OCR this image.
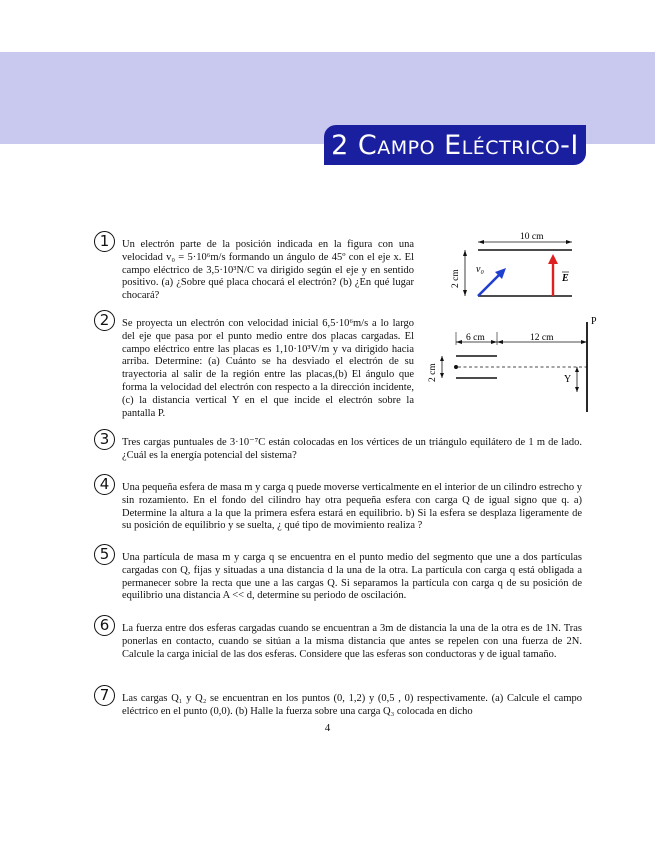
2
Campo Eléctrico-I
1	Un electrón parte de la posición indicada en la figura con una velocidad v₀ = 5·10⁶m/s formando un ángulo de 45º con el eje x. El campo eléctrico de 3,5·10³N/C va dirigido según el eje y en sentido positivo. (a) ¿Sobre qué placa chocará el electrón? (b) ¿En qué lugar chocará?

10 cm
2 cm v₀
E
2	Se proyecta un electrón con velocidad inicial 6,5·10⁶m/s a lo largo del eje que pasa por el punto medio entre dos placas cargadas. El campo eléctrico entre las placas es 1,10·10³V/m y va dirigido hacia arriba. Determine: (a) Cuánto se ha desviado el electrón de su trayectoria al salir de la región entre las placas,(b) El ángulo que forma la velocidad del electrón con respecto a la dirección incidente, (c) la distancia vertical Y en el que incide el electrón sobre la pantalla P.

6 cm	12 cm
2 cm
P
Y
3	Tres cargas puntuales de 3·10⁻⁷C están colocadas en los vértices de un triángulo equilátero de 1 m de lado. ¿Cuál es la energía potencial del sistema?

4	Una pequeña esfera de masa m y carga q puede moverse verticalmente en el interior de un cilindro estrecho y sin rozamiento. En el fondo del cilindro hay otra pequeña esfera con carga Q de igual signo que q. a) Determine la altura a la que la primera esfera estará en equilibrio. b) Si la esfera se desplaza ligeramente de su posición de equilibrio y se suelta, ¿ qué tipo de movimiento realiza ?

5	Una partícula de masa m y carga q se encuentra en el punto medio del segmento que une a dos partículas cargadas con Q, fijas y situadas a una distancia d la una de la otra. La partícula con carga q está obligada a permanecer sobre la recta que une a las cargas Q. Si separamos la partícula con carga q de su posición de equilibrio una distancia A << d, determine su periodo de oscilación.

6	La fuerza entre dos esferas cargadas cuando se encuentran a 3m de distancia la una de la otra es de 1N. Tras ponerlas en contacto, cuando se sitúan a la misma distancia que antes se repelen con una fuerza de 2N. Calcule la carga inicial de las dos esferas. Considere que las esferas son conductoras y de igual tamaño.

7	Las cargas Q₁ y Q₂ se encuentran en los puntos (0, 1,2) y (0,5 , 0) respectivamente. (a) Calcule el campo eléctrico en el punto (0,0). (b) Halle la fuerza sobre una carga Q₃ colocada en dicho

4
